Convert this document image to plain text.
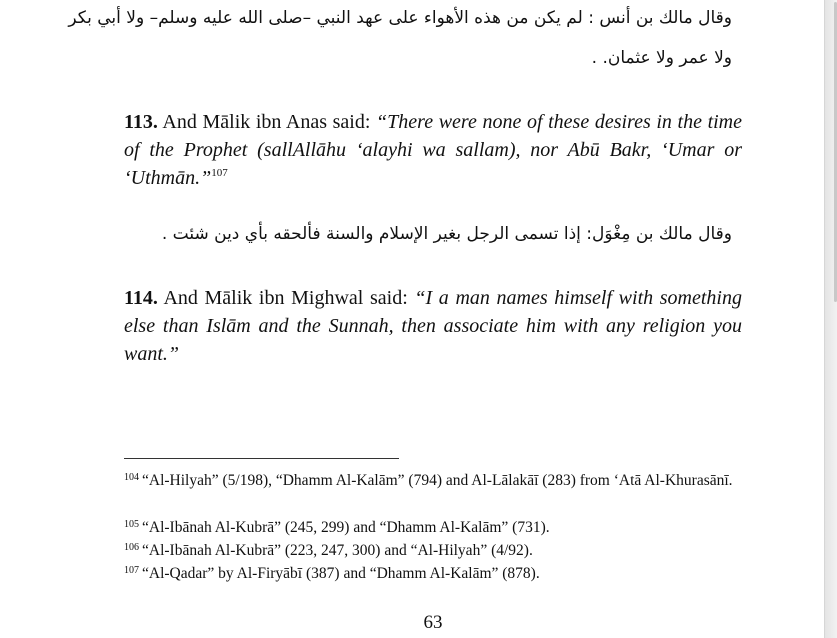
وقال مالك بن أنس : لم يكن من هذه الأهواء على عهد النبي –صلى الله عليه وسلم– ولا أبي بكر
ولا عمر ولا عثمان. .
113. And Mālik ibn Anas said: “There were none of these desires in the time of the Prophet (sallAllāhu ‘alayhi wa sallam), nor Abū Bakr, ‘Umar or ‘Uthmān.”$^{107}$
وقال مالك بن مِغْوَل: إذا تسمى الرجل بغير الإسلام والسنة فألحقه بأي دين شئت .
114. And Mālik ibn Mighwal said: “I a man names himself with something else than Islām and the Sunnah, then associate him with any religion you want.”
$^{104}$ “Al-Hilyah” (5/198), “Dhamm Al-Kalām” (794) and Al-Lālakāī (283) from ‘Atā Al-Khurasānī.
$^{105}$ “Al-Ibānah Al-Kubrā” (245, 299) and “Dhamm Al-Kalām” (731).
$^{106}$ “Al-Ibānah Al-Kubrā” (223, 247, 300) and “Al-Hilyah” (4/92).
$^{107}$ “Al-Qadar” by Al-Firyābī (387) and “Dhamm Al-Kalām” (878).
63
